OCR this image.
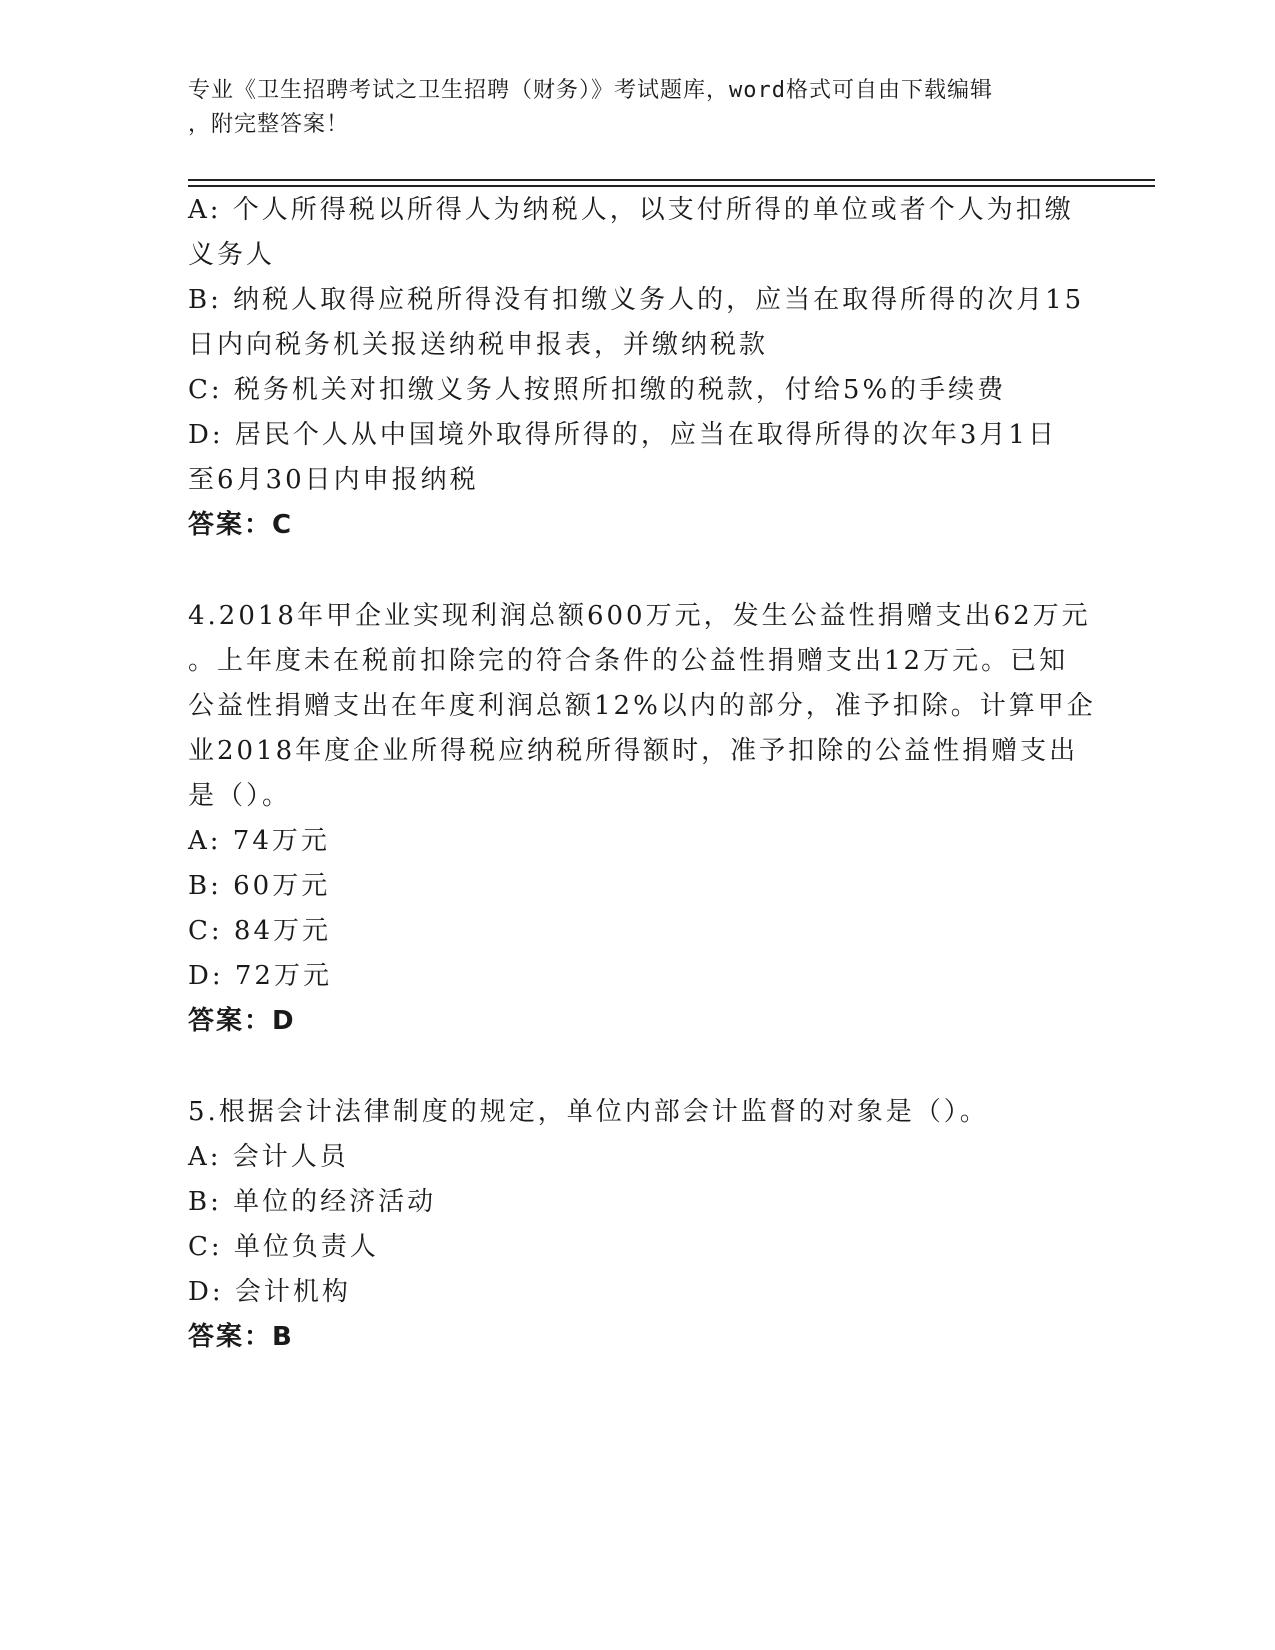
专业《卫生招聘考试之卫生招聘（财务）》考试题库，word格式可自由下载编辑
，附完整答案！
A: 个人所得税以所得人为纳税人，以支付所得的单位或者个人为扣缴
义务人
B: 纳税人取得应税所得没有扣缴义务人的，应当在取得所得的次月15
日内向税务机关报送纳税申报表，并缴纳税款
C: 税务机关对扣缴义务人按照所扣缴的税款，付给5%的手续费
D: 居民个人从中国境外取得所得的，应当在取得所得的次年3月1日
至6月30日内申报纳税
答案：C
4.2018年甲企业实现利润总额600万元，发生公益性捐赠支出62万元
。上年度未在税前扣除完的符合条件的公益性捐赠支出12万元。已知
公益性捐赠支出在年度利润总额12%以内的部分，准予扣除。计算甲企
业2018年度企业所得税应纳税所得额时，准予扣除的公益性捐赠支出
是（）。
A: 74万元
B: 60万元
C: 84万元
D: 72万元
答案：D
5.根据会计法律制度的规定，单位内部会计监督的对象是（）。
A: 会计人员
B: 单位的经济活动
C: 单位负责人
D: 会计机构
答案：B
